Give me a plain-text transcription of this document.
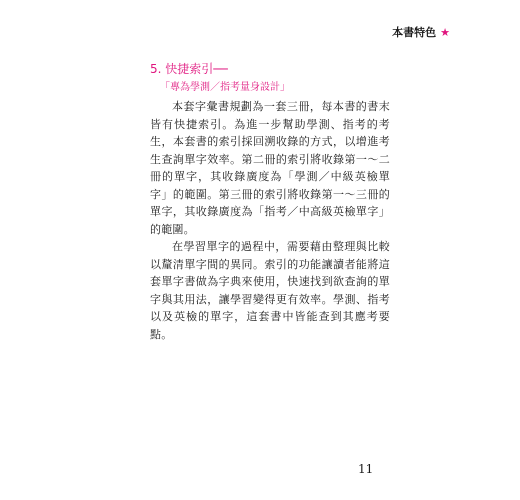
本書特色 ★
5. 快捷索引──
「專為學測／指考量身設計」

本套字彙書規劃為一套三冊，每本書的書末皆有快捷索引。為進一步幫助學測、指考的考生，本套書的索引採回溯收錄的方式，以增進考生查詢單字效率。第二冊的索引將收錄第一～二冊的單字，其收錄廣度為「學測／中級英檢單字」的範圍。第三冊的索引將收錄第一～三冊的單字，其收錄廣度為「指考／中高級英檢單字」的範圍。

在學習單字的過程中，需要藉由整理與比較以釐清單字間的異同。索引的功能讓讀者能將這套單字書做為字典來使用，快速找到欲查詢的單字與其用法，讓學習變得更有效率。學測、指考以及英檢的單字，這套書中皆能查到其應考要點。

11
